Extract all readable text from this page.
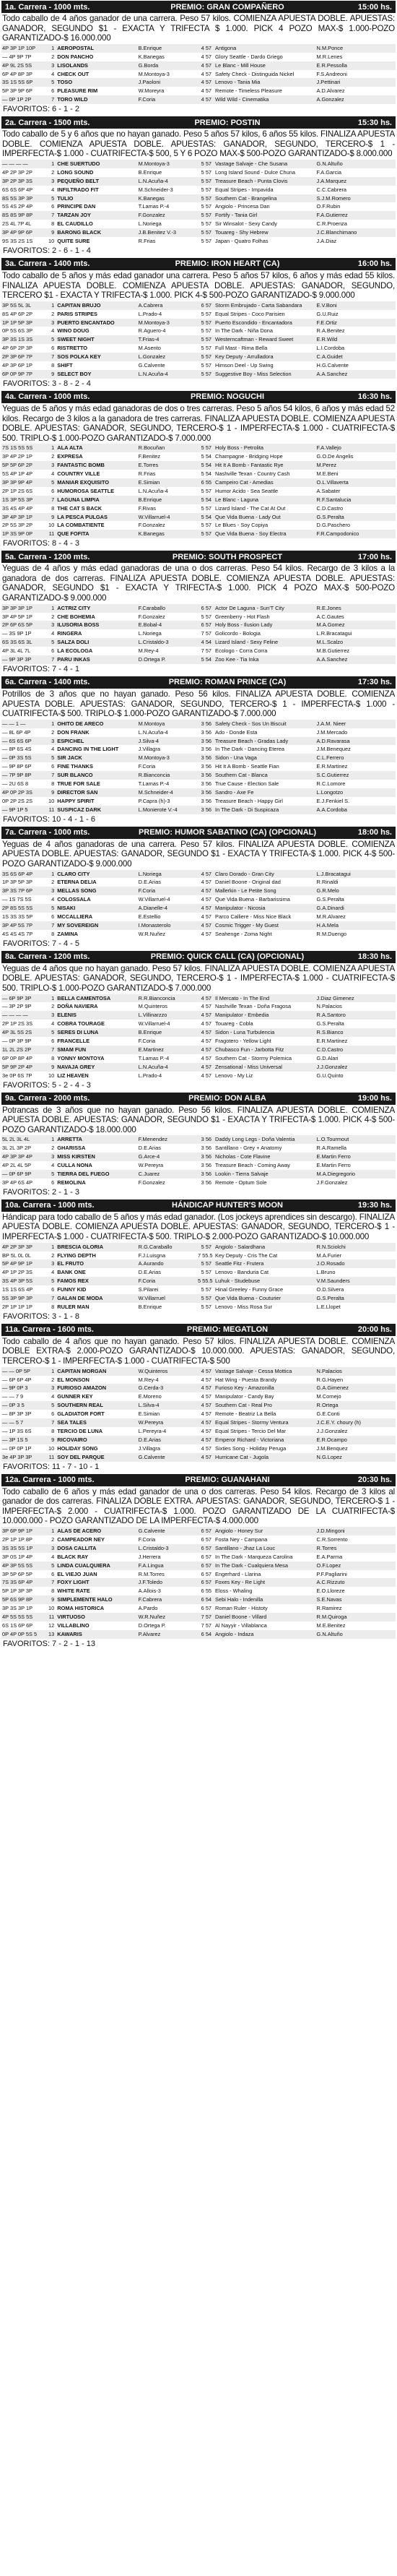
1a. Carrera - 1000 mts.	PREMIO: GRAN COMPAÑERO	15:00 hs.
Todo caballo de 4 años ganador de una carrera. Peso 57 kilos. COMIENZA APUESTA DOBLE. APUESTAS: GANADOR, SEGUNDO $1 - EXACTA Y TRIFECTA $ 1.000. PICK 4 POZO MAX-$ 1.000-POZO GARANTIZADO-$ 16.000.000
4P 3P 1P 10P	1	AEROPOSTAL	B.Enrique	4 57	Antigona	N.M.Ponce
— 4P 9P 7P	2	DON PANCHO	K.Banegas	4 57	Glory Seattle - Dardo Griego	M.R.Lenes
4P 9L 2S 5S	3	LISOLANDS	G.Borda	4 57	Le Blanc - Mill House	E.R.Pessolla
6P 4P 8P 3P	4	CHECK OUT	M.Montoya-3	4 57	Safety Check - Distinguida Nickel	F.S.Andreoni
3S 1S 5S 6P	5	TOSO	J.Paoloni	4 57	Lenovo - Tania Mia	J.Pettinari
5P 3P 9P 6P	6	PLEASURE RIM	W.Moreyra	4 57	Remote - Timeless Pleasure	A.D.Alvarez
— 0P 1P 2P	7	TORO WILD	F.Coria	4 57	Wild Wild - Cinematika	A.Gonzalez
FAVORITOS: 6 - 1 - 2
2a. Carrera - 1500 mts.	PREMIO: POSTIN	15:30 hs.
Todo caballo de 5 y 6 años que no hayan ganado. Peso 5 años 57 kilos, 6 años 55 kilos. FINALIZA APUESTA DOBLE. COMIENZA APUESTA DOBLE. APUESTAS: GANADOR, SEGUNDO, TERCERO-$ 1 - IMPERFECTA-$ 1.000 - CUATRIFECTA-$ 500, 5 Y 6 POZO MAX-$ 500-POZO GARANTIZADO-$ 8.000.000
— — — —	1	CHE SUERTUDO	M.Montoya-3	5 57	Vastage Salvaje - Che Susana	G.N.Altuño
4P 2P 3P 2P	2	LONG SOUND	B.Enrique	5 57	Long Island Sound - Dulce Chuna	F.A.Garcia
3P 2P 3P 3S	3	PEQUEÑO BELT	L.N.Acuña-4	5 57	Treasure Beach - Punta Clovis	J.A.Marquez
6S 6S 6P 4P	4	INFILTRADO FIT	M.Schneider-3	5 57	Equal Stripes - Impavida	C.C.Cabrera
8S 5S 3P 3P	5	TULIO	K.Banegas	5 57	Southern Cat - Brangelina	S.J.M.Romero
5S 4S 2P 4P	6	PRINCIPE DAN	T.Lamas P.-4	5 57	Angiolo - Princesa Dan	O.F.Rubin
8S 8S 9P 8P	7	TARZAN JOY	F.Gonzalez	5 57	Fortify - Tania Girl	F.A.Gutierrez
2S 4L 7P 4L	8	EL CAUDILLO	L.Noriega	5 57	Sir Winsalot - Sexy Candy	C.R.Proenza
3P 4P 9P 6P	9	BARONG BLACK	J.B.Benitez V.-3	5 57	Touareg - Shy Hebrew	J.C.Blanchimano
9S 3S 2S 1S	10	QUITE SURE	R.Frias	5 57	Japan - Quatro Folhas	J.A.Diaz
FAVORITOS: 2 - 6 - 1 - 4
3a. Carrera - 1400 mts.	PREMIO: IRON HEART (CA)	16:00 hs.
Todo caballo de 5 años y más edad ganador una carrera. Peso 5 años 57 kilos, 6 años y más edad 55 kilos. FINALIZA APUESTA DOBLE. COMIENZA APUESTA DOBLE. APUESTAS: GANADOR, SEGUNDO, TERCERO $1 - EXACTA Y TRIFECTA-$ 1.000. PICK 4-$ 500-POZO GARANTIZADO-$ 9.000.000
3P 5S 5L 3L	1	CAPITAN BRUJO	A.Cabrera	6 57	Storm Embrujado - Carta Sabandara	E.V.Boni
8S 4P 6P 2P	2	PARIS STRIPES	L.Prado-4	5 57	Equal Stripes - Coco Parisien	G.U.Ruiz
1P 1P 5P 3P	3	PUERTO ENCANTADO	M.Montoya-3	5 57	Puerto Escondido - Encantadora	F.E.Ortiz
0P 5S 6S 3P	4	WINO DOUG	R.Aguero-4	5 57	In The Dark - Niña Dona	R.A.Benitez
3P 3S 1S 3S	5	SWEET NIGHT	T.Frias-4	5 57	Westerncaftman - Reward Sweet	E.R.Wild
4P 6P 2P 3P	6	RISTRETTO	M.Asento	5 57	Full Mast - Rima Bella	L.I.Cordoba
2P 3P 6P 7P	7	SOS POLKA KEY	L.Gonzalez	5 57	Key Deputy - Arrulladora	C.A.Guidet
4P 3P 6P 1P	8	SHIFT	G.Calvente	5 57	Himson Deel - Up Swing	H.G.Calvente
6P 0P 9P 7P	9	SELECT BOY	L.N.Acuña-4	5 57	Suggestive Boy - Miss Selection	A.A.Sanchez
FAVORITOS: 3 - 8 - 2 - 4
4a. Carrera - 1000 mts.	PREMIO: NOGUCHI	16:30 hs.
Yeguas de 5 años y más edad ganadoras de dos o tres carreras. Peso 5 años 54 kilos, 6 años y más edad 52 kilos. Recargo de 3 kilos a la ganadora de tres carreras. FINALIZA APUESTA DOBLE. COMIENZA APUESTA DOBLE. APUESTAS: GANADOR, SEGUNDO, TERCERO-$ 1 - IMPERFECTA-$ 1.000 - CUATRIFECTA-$ 500. TRIPLO-$ 1.000-POZO GARANTIZADO-$ 7.000.000
7S 1S 5S 5S	1	ALA ALTA	R.Bocuñan	5 57	Holy Boss - Petrolita	F.A.Vallejo
3P 4P 2P 1P	2	EXPRESA	F.Benitez	5 54	Champagne - Bridging Hope	G.O.De Angelis
5P 5P 6P 2P	3	FANTASTIC BOMB	E.Torres	5 54	Hit It A Bomb - Fantastic Rye	M.Perez
5S 4P 1P 4P	4	COUNTRY VILLE	R.Frias	5 54	Nashville Texan - Country Cash	M.E.Beni
3P 3P 9P 4P	5	MANIAR EXQUISITO	E.Simian	6 55	Campeiro Cat - Amedias	O.L.Villaverta
2P 1P 2S 6S	6	HUMOROSA SEATTLE	L.N.Acuña-4	5 57	Humor Acido - Sea Seattle	A.Sabater
1S 3P 5S 3P	7	LAGUNA LIMPIA	B.Enrique	5 54	Le Blanc - Laguna	R.F.Santalucia
3S 4S 4P 4P	8	THE CAT S BACK	F.Rivas	5 57	Lizard Island - The Cat At Out	C.D.Castro
3P 4P 3P 1P	9	LA PESCA PULGAS	W.Villarruel-4	5 54	Que Vida Buena - Lady Out	G.S.Peralta
2P 5S 3P 2P	10	LA COMBATIENTE	F.Gonzalez	5 57	Le Blues - Soy Copiya	D.G.Paschero
1P 3S 9P 0P	11	QUE FOFITA	K.Banegas	5 57	Que Vida Buena - Soy Electra	F.R.Campodonico
FAVORITOS: 8 - 4 - 3
5a. Carrera - 1200 mts.	PREMIO: SOUTH PROSPECT	17:00 hs.
Yeguas de 4 años y más edad ganadoras de una o dos carreras. Peso 54 kilos. Recargo de 3 kilos a la ganadora de dos carreras. FINALIZA APUESTA DOBLE. COMIENZA APUESTA DOBLE. APUESTAS: GANADOR, SEGUNDO $1 - EXACTA Y TRIFECTA-$ 1.000. PICK 4 POZO MAX-$ 500-POZO GARANTIZADO-$ 9.000.000
3P 3P 3P 1P	1	ACTRIZ CITY	F.Caraballo	6 57	Actor De Laguna - Sun'T City	R.E.Jones
3P 4P 5P 1P	2	CHE BOHEMIA	F.Gonzalez	5 57	Greenberry - Hot Flash	A.C.Gautes
2P 6P 6S 5P	3	ILUSORIA BOSS	E.Bobal-4	6 57	Holy Boss - Ilusion Lady	M.A.Gomez
— 3S 9P 1P	4	RINGERA	L.Noriega	7 57	Golicordo - Bologia	L.R.Bracatagui
6S 3S 6S 3L	5	SALZA DOLI	L.Cristaldo-3	4 54	Lizard Island - Sexy Feline	M.L.Scalzo
4P 3L 4L 7L	6	LA ECOLOGA	M.Rey-4	7 57	Ecologo - Corra Corra	M.B.Gutierrez
— 9P 3P 3P	7	PARU INKAS	D.Ortega P.	5 54	Zoo Kee - Tia Inka	A.A.Sanchez
FAVORITOS: 7 - 4 - 1
6a. Carrera - 1400 mts.	PREMIO: ROMAN PRINCE (CA)	17:30 hs.
Potrillos de 3 años que no hayan ganado. Peso 56 kilos. FINALIZA APUESTA DOBLE. COMIENZA APUESTA DOBLE. APUESTAS: GANADOR, SEGUNDO, TERCERO-$ 1 - IMPERFECTA-$ 1.000 - CUATRIFECTA-$ 500. TRIPLO-$ 1.000-POZO GARANTIZADO-$ 7.000.000
— — 1 —	1	OHITO DE ARECO	M.Montoya	3 56	Safety Check - Sos Un Biscuit	J.A.M. Nieer
— 8L 6P 4P	2	DON FRANK	L.N.Acuña-4	3 56	Ado - Donde Esta	J.M.Mercado
— 6S 6S 6P	3	ESPICHEL	J.Silva-4	3 56	Treasure Beach - Gradas Lady	A.D.Ravarasa
— 8P 6S 4S	4	DANCING IN THE LIGHT	J.Villagra	3 56	In The Dark - Dancing Eterea	J.M.Benequez
— 0P 3S 5S	5	SIR JACK	M.Montoya-3	3 56	Sidon - Una Vaga	C.L.Ferrero
— 9P 8P 6P	6	FINE THANKS	F.Coria	3 56	Hit It A Bomb - Seattle Fian	E.R.Martinez
— 7P 9P 8P	7	SUR BLANCO	R.Bianconcia	3 56	Southern Cat - Blanca	S.C.Gutierrez
— 2U 6S 8	8	TRUE FOR SALE	T.Lamas P.-4	3 56	True Cause - Election Sale	R.C.Lomore
4P 0P 2P 3S	9	DIRECTOR SAN	M.Schneider-4	3 56	Sandro - Axe Fe	L.Longotzo
0P 2P 2S 2S	10	HAPPY SPIRIT	P.Capra (h)-3	3 56	Treasure Beach - Happy Girl	E.J.Fenkiel S.
— 9P 1P 5	11	SUSPICAZ DARK	L.Monierote V.-4	3 56	In The Dark - Di Suspicaza	A.A.Cordoba
FAVORITOS: 10 - 4 - 1 - 6
7a. Carrera - 1000 mts.	PREMIO: HUMOR SABATINO (CA) (OPCIONAL)	18:00 hs.
Yeguas de 4 años ganadoras de una carrera. Peso 57 kilos. FINALIZA APUESTA DOBLE. COMIENZA APUESTA DOBLE. APUESTAS: GANADOR, SEGUNDO $1 - EXACTA Y TRIFECTA-$ 1.000. PICK 4-$ 500-POZO GARANTIZADO-$ 9.000.000
3S 6S 6P 4P	1	CLARO CITY	L.Noriega	4 57	Claro Dorado - Gran City	L.J.Bracatagui
1P 3P 5P 3P	2	ETERNA DELIA	D.E.Arias	4 57	Daniel Boone - Original dad	R.Rinaldi
3P 3S 7P 6P	3	MELLAS SONG	F.Coria	4 57	Mallerkin - Le Petite Song	G.R.Melo
— 1S 7S 5S	4	COLOSSALA	W.Villarruel-4	4 57	Que Vida Buena - Barbarissima	G.S.Peralta
2P 8S 5S 5S	5	NISAKI	A.Dianelle-4	4 57	Manipulator - Nicosia	G.A.Dinardi
1S 3S 3S 5P	6	MCCALLIERA	E.Estellio	4 57	Parco Calliere - Miss Nice Black	M.R.Alvarez
3P 4P 5S 7P	7	MY SOVEREIGN	I.Monasterolo	4 57	Cosmic Trigger - My Guest	H.A.Mela
4S 4S 4S 7P	8	ZAMINA	W.R.Nuñez	4 57	Seahenge - Zoma Night	R.M.Duengo
FAVORITOS: 7 - 4 - 5
8a. Carrera - 1200 mts.	PREMIO: QUICK CALL (CA) (OPCIONAL)	18:30 hs.
Yeguas de 4 años que no hayan ganado. Peso 57 kilos. FINALIZA APUESTA DOBLE. COMIENZA APUESTA DOBLE. APUESTAS: GANADOR, SEGUNDO, TERCERO-$ 1 - IMPERFECTA-$ 1.000 - CUATRIFECTA-$ 500. TRIPLO-$ 1.000-POZO GARANTIZADO-$ 7.000.000
— 6P 9P 3P	1	BELLA CAMENTOSA	R.R.Bianconcia	4 57	Il Mercato - In The End	J.Diaz Gimenez
— 3P 2P 9P	2	DOÑA NAVIERA	M.Quinteros	4 57	Nashville Texan - Doña Fragosa	N.Palacios
— — — —	3	ELENIS	L.Villinarzzo	4 57	Manipulator - Embedia	R.A.Santoro
2P 1P 2S 3S	4	COBRA TOURAGE	W.Villarruel-4	4 57	Touareg - Cobla	G.S.Peralta
4P 3L 5S 2S	5	SERES DI LUNA	B.Enrique	4 57	Sidon - Luna Turbulencia	R.S.Bianco
— 0P 3P 9P	6	FRANCELLE	F.Coria	4 57	Fragotero - Yellow Light	E.R.Martinez
1L 2L 2S 2P	7	SMAM FUN	E.Martinez	4 57	Chubasco Fun - Jarbotta Fitz	C.D.Castro
6P 0P 8P 4P	8	YONNY MONTOYA	T.Lamas P.-4	4 57	Southern Cat - Stormy Polemica	G.D.Alari
5P 9P 2P 4P	9	NAVAJA GREY	L.N.Acuña-4	4 57	Zensational - Miss Universal	J.J.Gonzalez
3e 0P 6S 7P	10	LIZ HEAVEN	L.Prado-4	4 57	Lenovo - My Liz	G.U.Quinto
FAVORITOS: 5 - 2 - 4 - 3
9a. Carrera - 2000 mts.	PREMIO: DON ALBA	19:00 hs.
Potrancas de 3 años que no hayan ganado. Peso 56 kilos. FINALIZA APUESTA DOBLE. COMIENZA APUESTA DOBLE. APUESTAS: GANADOR, SEGUNDO $1 - EXACTA Y TRIFECTA-$ 1.000. PICK 4-$ 500-POZO GARANTIZADO-$ 18.000.000
5L 2L 3L 4L	1	ARRETTA	F.Menendez	3 56	Daddy Long Legs - Doña Valentia	L.O.Tourmout
3L 2L 3P 2P	2	GHARISSA	D.E.Arias	3 56	Santillano - Grey + Anatomy	R.A.Ramella
4P 3P 3P 4P	3	MISS KIRSTEN	G.Arce-4	3 56	Nicholas - Cote Flavine	E.Martin Ferro
4P 2L 4L 5P	4	CULLA NONA	W.Pereyra	3 56	Treasure Beach - Coming Away	E.Martin Ferro
— 0P 6P 9P	5	TIERRA DEL FUEGO	C.Juarez	3 56	Lookin - Tierra Salvaje	M.A.Diegregorio
3P 4P 6S 4P	6	REMOLINA	F.Gonzalez	3 56	Remote - Optum Sole	J.F.Gonzalez
FAVORITOS: 2 - 1 - 3
10a. Carrera - 1000 mts.	HÁNDICAP HUNTER'S MOON	19:30 hs.
Hándicap para todo caballo de 5 años y más edad ganador. (Los jockeys aprendices sin descargo). FINALIZA APUESTA DOBLE. COMIENZA APUESTA DOBLE. APUESTAS: GANADOR, SEGUNDO, TERCERO-$ 1 - IMPERFECTA-$ 1.000 - CUATRIFECTA-$ 500. TRIPLO-$ 2.000-POZO GARANTIZADO-$ 10.000.000
4P 2P 3P 3P	1	BRESCIA GLORIA	R.G.Caraballo	5 57	Angiolo - Salardhana	R.N.Sciolchi
BP 5L 0L 0L	2	FLYING DEPTH	F.J.Luisgna	7 55.5	Key Deputy - Cris The Cat	M.A.Furier
5P 4P 9P 1P	3	EL FRUTO	A.Aurando	5 57	Seattle Fitz - Frutera	J.O.Rosado
4P 1P 2P 3S	4	BANK ONE	D.E.Arias	5 57	Lenovo - Banduria Cat	L.Bruno
3S 4P 3P 5S	5	FAMOS REX	F.Coria	5 55.5	Luhuk - Studebuse	V.M.Saunders
1S 1S 6S 4P	6	FUNNY KID	S.Pilarei	5 57	Hinal Greeley - Funny Grace	O.D.Silvera
5S 3P 9P 3P	7	GALAN DE MODA	W.Villarruel	5 57	Que Vida Buena - Couturier	G.S.Peralta
2P 1P 1P 1P	8	RULER MAN	B.Enrique	5 57	Lenovo - Miss Rosa Sur	L.E.Llopet
FAVORITOS: 3 - 1 - 8
11a. Carrera - 1600 mts.	PREMIO: MEGATLON	20:00 hs.
Todo caballo de 4 años que no hayan ganado. Peso 57 kilos. FINALIZA APUESTA DOBLE. COMIENZA DOBLE EXTRA-$ 2.000-POZO GARANTIZADO-$ 10.000.000. APUESTAS: GANADOR, SEGUNDO, TERCERO-$ 1 - IMPERFECTA-$ 1.000 - CUATRIFECTA-$ 500
— — 0P 5P	1	CAPITAN MORGAN	W.Quinteros	4 57	Vastage Salvaje - Cessa Mottica	N.Palacios
— 6P 6P 4P	2	EL MONSON	M.Rey-4	4 57	Hat Wing - Puesta Brandy	R.G.Hayen
— 9P 0P 3	3	FURIOSO AMAZON	G.Cerda-3	4 57	Furioso Key - Amazonilla	G.A.Gimenez
— — 7 9	4	GUNNER KEY	E.Moreno	4 57	Manipulator - Candy Bay	M.Cornejo
— 0P 3 5	5	SOUTHERN REAL	L.Silva-4	4 57	Southern Cat - Real Pro	R.Ortega
— 8P 3P 3P	6	GLADIATOR FORT	E.Simian	4 57	Remote - Beatriz La Bella	G.E.Conti
— — 5 7	7	SEA TALES	W.Pereyra	4 57	Equal Stripes - Stormy Ventura	J.C.E.Y. choury (h)
— 1P 3S 6S	8	TERCIO DE LUNA	L.Pereyra-4	4 57	Equal Stripes - Tercio Del Mar	J.J.Gonzalez
— 3P 1S 5	9	RICOVAIRO	D.E.Arias	4 57	Emperor Richard - Victoriana	E.R.Ocampo
— 0P 0P 1P	10	HOLIDAY SONG	J.Villagra	4 57	Sixties Song - Holiday Peruga	J.M.Benquez
3e 4P 3P 3P	11	SOY DEL PARQUE	G.Calvente	4 57	Hurricane Cat - Jugola	N.G.Lopez
FAVORITOS: 11 - 7 - 10 - 1
12a. Carrera - 1000 mts.	PREMIO: GUANAHANI	20:30 hs.
Todo caballo de 6 años y más edad ganador de una o dos carreras. Peso 54 kilos. Recargo de 3 kilos al ganador de dos carreras. FINALIZA DOBLE EXTRA. APUESTAS: GANADOR, SEGUNDO, TERCERO-$ 1 - IMPERFECTA-$ 2.000 - CUATRIFECTA-$ 1.000. POZO GARANTIZADO DE LA CUATRIFECTA-$ 10.000.000 - POZO GARANTIZADO DE LA IMPERFECTA-$ 4.000.000
3P 6P 9P 1P	1	ALAS DE ACERO	G.Calvente	6 57	Angiolo - Honey Sur	J.D.Mingoni
2P 1P 1P 8P	2	CAMPEADOR NEY	F.Coria	6 57	Fosta Ney - Campana	C.R.Sorrento
3S 3S 5S 1P	3	DOSA CALLITA	L.Cristaldo-3	6 57	Santillano - Jhaz La Louc	R.Torres
3P 0S 1P 4P	4	BLACK RAY	J.Herrera	6 57	In The Dark - Marqueza Carolina	E.A.Parma
4P 3P 5S 5S	5	LINDA CUALQUIERA	F.A.Lingua	6 57	In The Dark - Cualquiera Mesa	O.F.Lopez
3P 5P 6P 5P	6	EL VIEJO JUAN	R.M.Torres	6 57	Engerhard - Llarina	P.F.Pagliarini
7S 3S 6P 4P	7	FOXY LIGHT	J.F.Toledo	6 57	Foxes Key - Re Light	A.C.Rizzuto
5P 1P 3P 3P	8	WHITE RATE	A.Allois-3	6 55	Eloss - Whaling	E.O.Lloreze
5P 6S 9P 8P	9	SIMPLEMENTE HALO	F.Cabrera	6 54	Sebi Halo - Indenilla	S.E.Navas
3P 3S 3P 1P	10	ROMA HISTORICA	A.Pardo	6 57	Roman Ruler - Histoty	R.Ramirez
4P 5S 5S 5S	11	VIRTUOSO	W.R.Nuñez	7 57	Daniel Boone - Villard	R.M.Quiroga
6S 1S 6P 6P	12	VILLABLINO	D.Ortega P.	7 57	Al Nayyir - Villablanca	M.E.Benitez
0P 4P 0P 5S 5	13	KAWARIS	P.Alvarez	6 54	Angiolo - Indaza	G.N.Altuño
FAVORITOS: 7 - 2 - 1 - 13
